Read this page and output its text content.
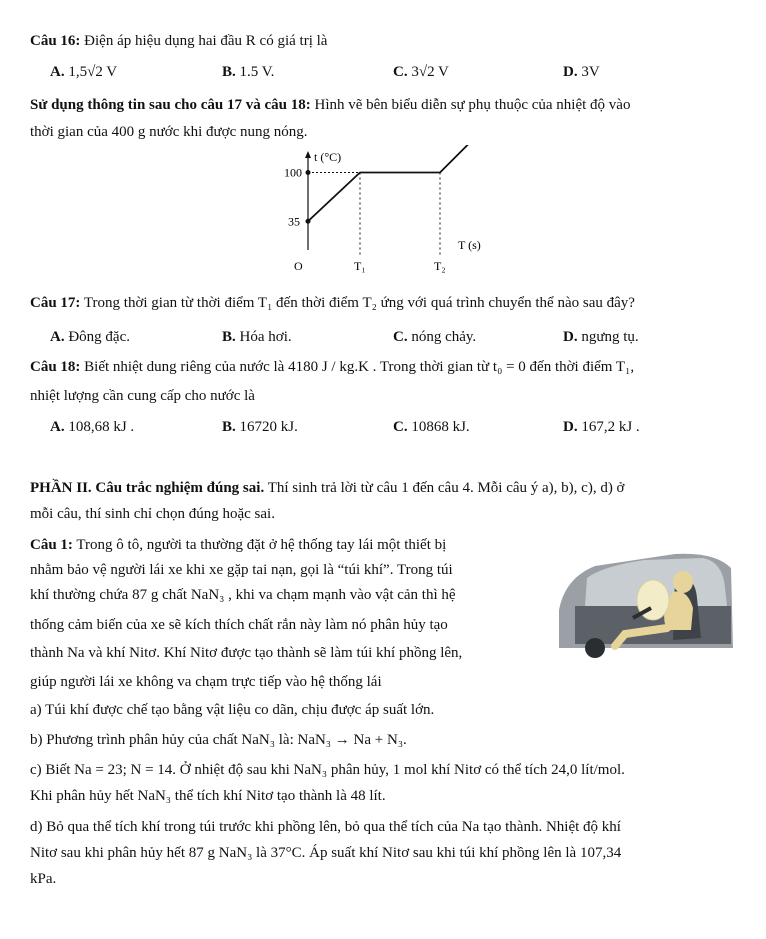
Câu 16: Điện áp hiệu dụng hai đầu R có giá trị là
A. 1,5√2 V	B. 1.5 V.	C. 3√2 V	D. 3V
Sử dụng thông tin sau cho câu 17 và câu 18: Hình vẽ bên biểu diễn sự phụ thuộc của nhiệt độ vào
thời gian của 400 g nước khi được nung nóng.
t (°C)
T (s)
O
100
35
T₁	T₂
Câu 17: Trong thời gian từ thời điểm T₁ đến thời điểm T₂ ứng với quá trình chuyển thể nào sau đây?
A. Đông đặc.	B. Hóa hơi.	C. nóng chảy.	D. ngưng tụ.
Câu 18: Biết nhiệt dung riêng của nước là 4180 J / kg.K . Trong thời gian từ t₀ = 0 đến thời điểm T₁,
nhiệt lượng cần cung cấp cho nước là
A. 108,68 kJ .	B. 16720 kJ.	C. 10868 kJ.	D. 167,2 kJ .
PHẦN II. Câu trắc nghiệm đúng sai. Thí sinh trả lời từ câu 1 đến câu 4. Mỗi câu ý a), b), c), d) ở
mỗi câu, thí sinh chỉ chọn đúng hoặc sai.
Câu 1: Trong ô tô, người ta thường đặt ở hệ thống tay lái một thiết bị
nhằm bảo vệ người lái xe khi xe gặp tai nạn, gọi là “túi khí”. Trong túi
khí thường chứa 87 g chất NaN₃ , khi va chạm mạnh vào vật cản thì hệ
thống cảm biến của xe sẽ kích thích chất rắn này làm nó phân hủy tạo
thành Na và khí Nitơ. Khí Nitơ được tạo thành sẽ làm túi khí phồng lên,
giúp người lái xe không va chạm trực tiếp vào hệ thống lái
a) Túi khí được chế tạo bằng vật liệu co dãn, chịu được áp suất lớn.
b) Phương trình phân hủy của chất NaN₃ là: NaN₃ → Na + N₃.
c) Biết Na = 23; N = 14. Ở nhiệt độ sau khi NaN₃ phân hủy, 1 mol khí Nitơ có thể tích 24,0 lít/mol.
Khi phân hủy hết NaN₃ thể tích khí Nitơ tạo thành là 48 lít.
d) Bỏ qua thể tích khí trong túi trước khi phồng lên, bỏ qua thể tích của Na tạo thành. Nhiệt độ khí
Nitơ sau khi phân hủy hết 87 g NaN₃ là 37°C. Áp suất khí Nitơ sau khi túi khí phồng lên là 107,34
kPa.
